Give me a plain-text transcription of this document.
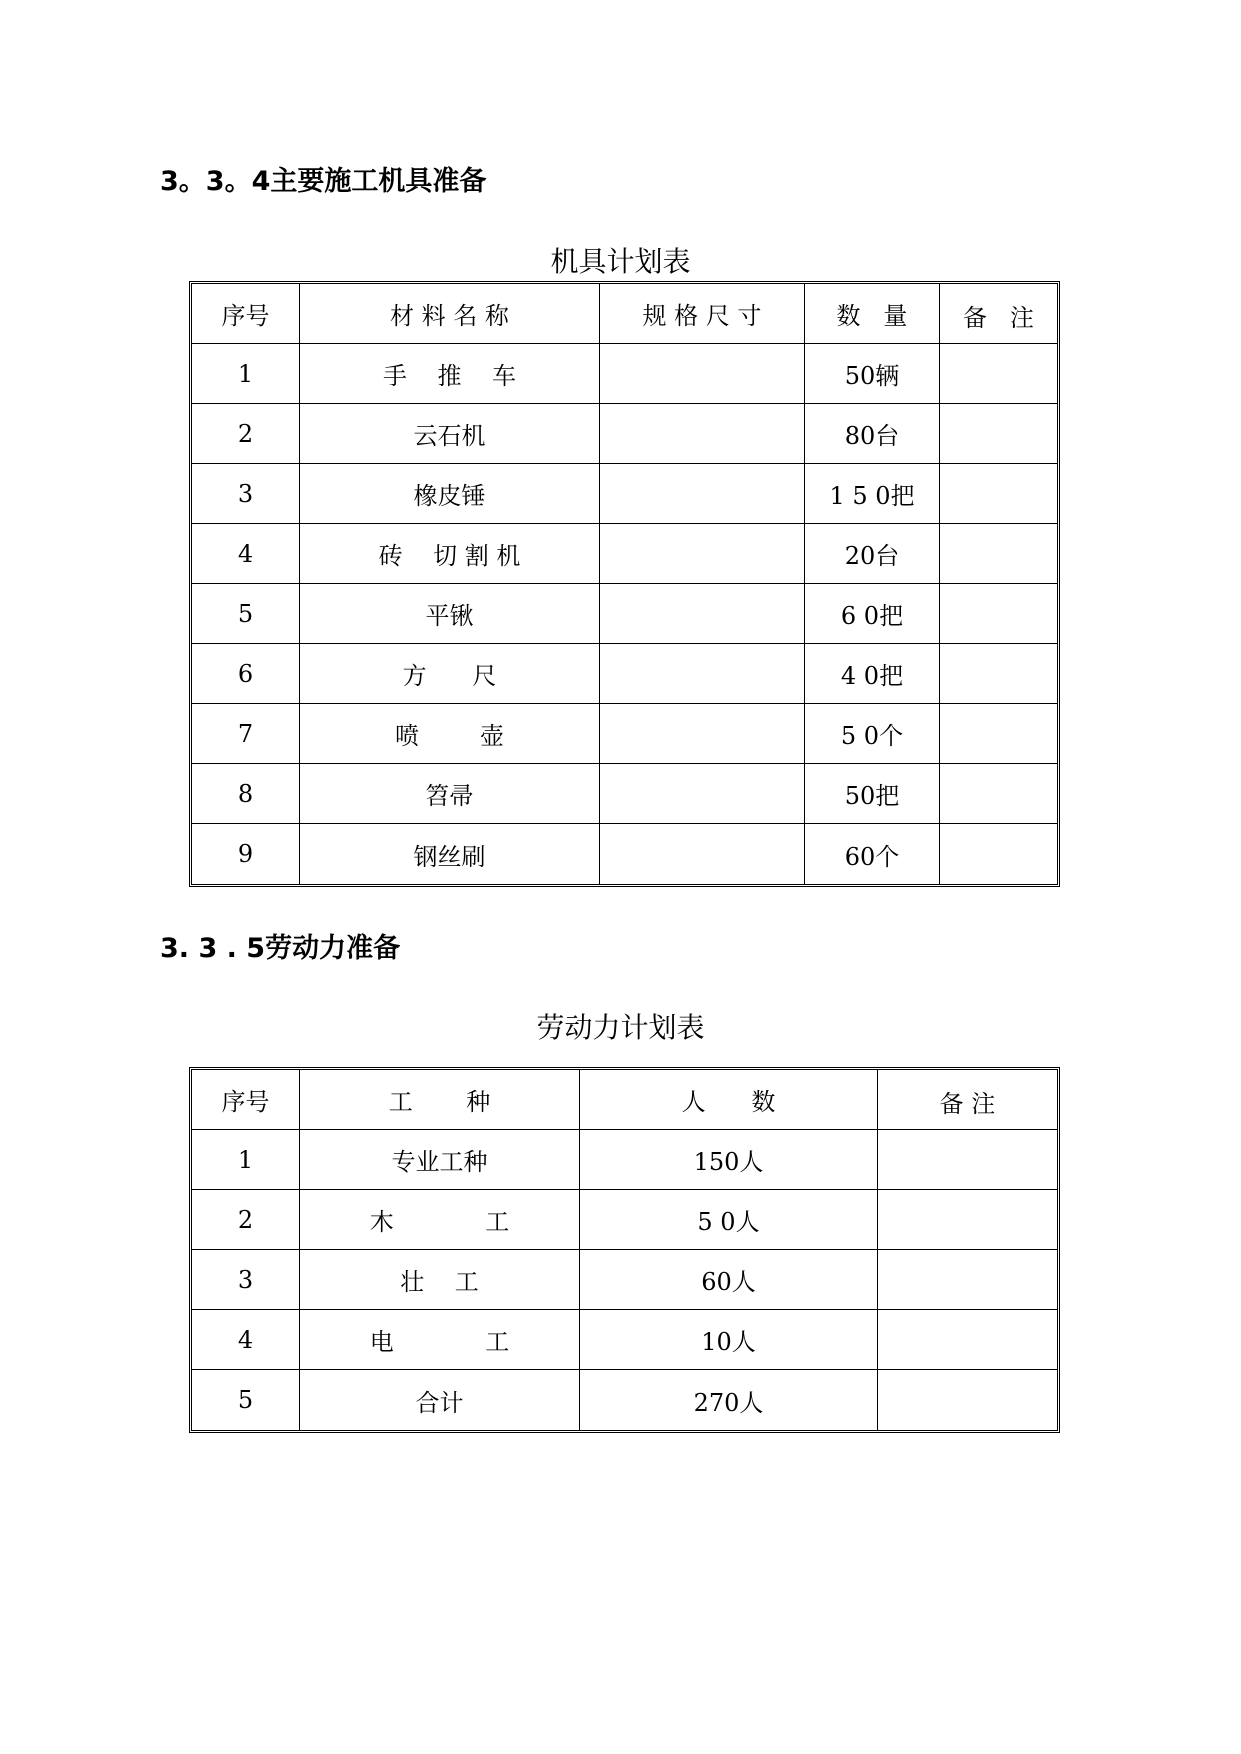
3。3。4主要施工机具准备
机具计划表
序号	材 料 名 称	规 格 尺 寸	数   量	备   注
1	手    推    车		50辆	
2	云石机		80台	
3	橡皮锤		1 5 0把	
4	砖    切 割 机		20台	
5	平锹		6 0把	
6	方      尺		4 0把	
7	喷        壶		5 0个	
8	笤帚		50把	
9	钢丝刷		60个	
3. 3 . 5劳动力准备
劳动力计划表
序号	工       种	人      数	备 注
1	专业工种	150人	
2	木            工	5 0人	
3	壮    工	60人	
4	电            工	10人	
5	合计	270人	
